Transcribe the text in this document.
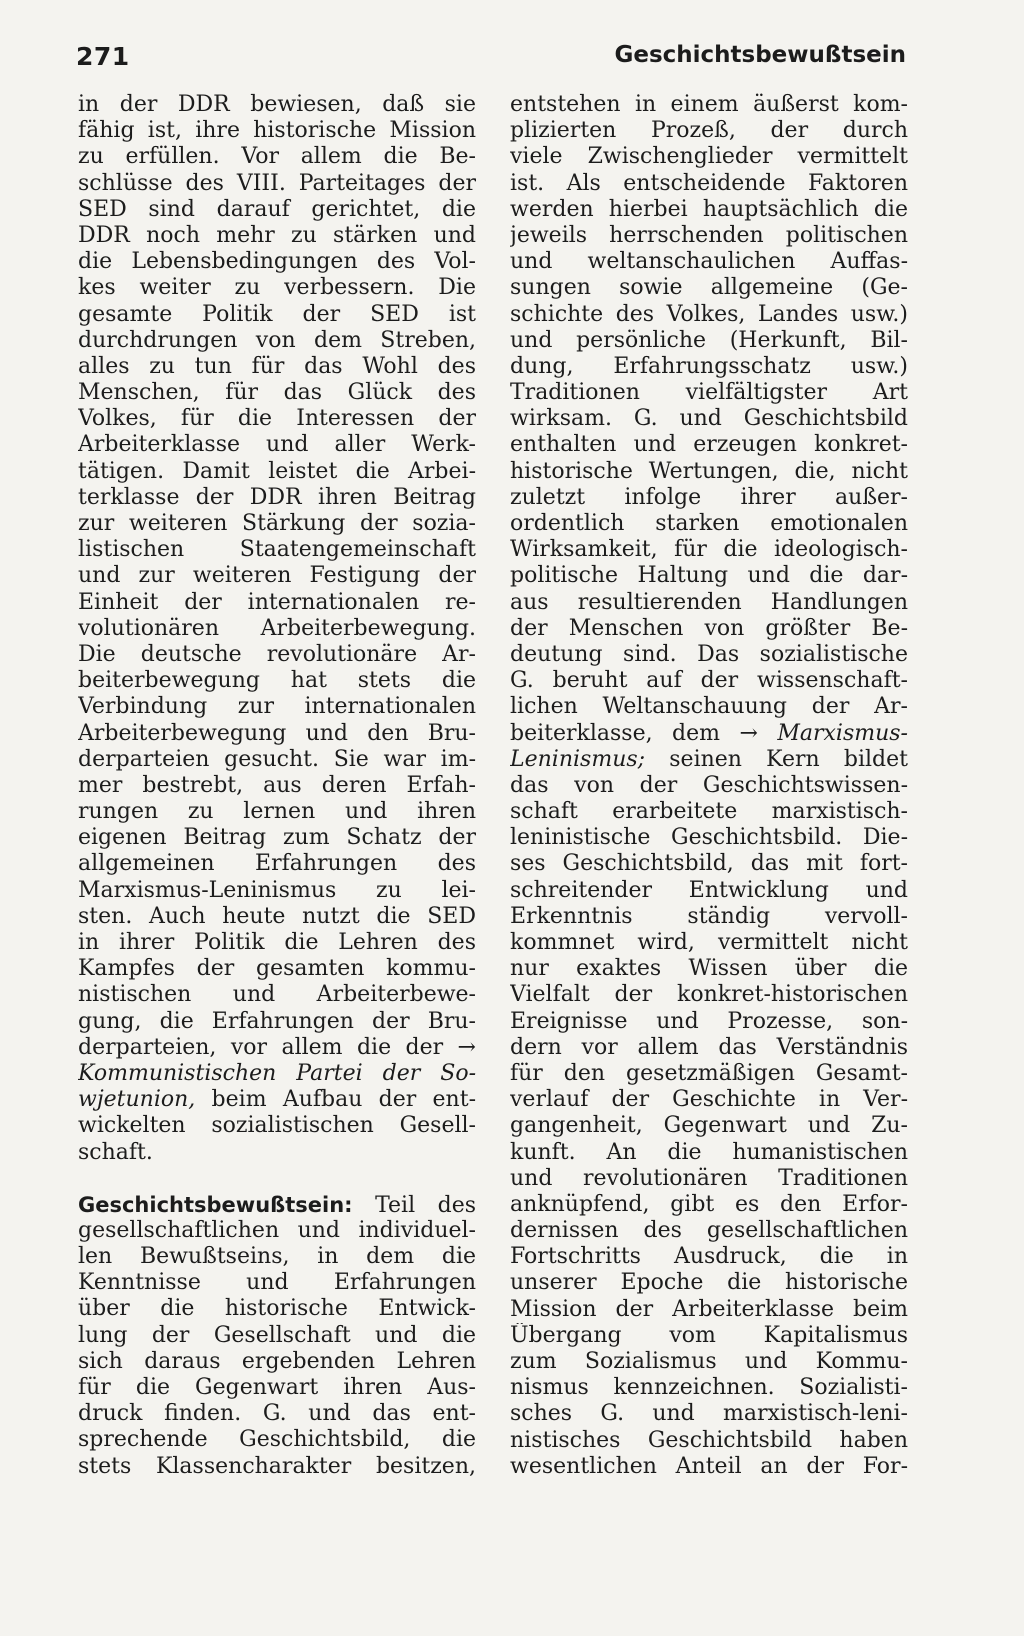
271	Geschichtsbewußtsein
in der DDR bewiesen, daß sie
fähig ist, ihre historische Mission
zu erfüllen. Vor allem die Be-
schlüsse des VIII. Parteitages der
SED sind darauf gerichtet, die
DDR noch mehr zu stärken und
die Lebensbedingungen des Vol-
kes weiter zu verbessern. Die
gesamte Politik der SED ist
durchdrungen von dem Streben,
alles zu tun für das Wohl des
Menschen, für das Glück des
Volkes, für die Interessen der
Arbeiterklasse und aller Werk-
tätigen. Damit leistet die Arbei-
terklasse der DDR ihren Beitrag
zur weiteren Stärkung der sozia-
listischen Staatengemeinschaft
und zur weiteren Festigung der
Einheit der internationalen re-
volutionären Arbeiterbewegung.
Die deutsche revolutionäre Ar-
beiterbewegung hat stets die
Verbindung zur internationalen
Arbeiterbewegung und den Bru-
derparteien gesucht. Sie war im-
mer bestrebt, aus deren Erfah-
rungen zu lernen und ihren
eigenen Beitrag zum Schatz der
allgemeinen Erfahrungen des
Marxismus-Leninismus zu lei-
sten. Auch heute nutzt die SED
in ihrer Politik die Lehren des
Kampfes der gesamten kommu-
nistischen und Arbeiterbewe-
gung, die Erfahrungen der Bru-
derparteien, vor allem die der →
Kommunistischen Partei der So-
wjetunion, beim Aufbau der ent-
wickelten sozialistischen Gesell-
schaft.
Geschichtsbewußtsein: Teil des
gesellschaftlichen und individuel-
len Bewußtseins, in dem die
Kenntnisse und Erfahrungen
über die historische Entwick-
lung der Gesellschaft und die
sich daraus ergebenden Lehren
für die Gegenwart ihren Aus-
druck finden. G. und das ent-
sprechende Geschichtsbild, die
stets Klassencharakter besitzen,
entstehen in einem äußerst kom-
plizierten Prozeß, der durch
viele Zwischenglieder vermittelt
ist. Als entscheidende Faktoren
werden hierbei hauptsächlich die
jeweils herrschenden politischen
und weltanschaulichen Auffas-
sungen sowie allgemeine (Ge-
schichte des Volkes, Landes usw.)
und persönliche (Herkunft, Bil-
dung, Erfahrungsschatz usw.)
Traditionen vielfältigster Art
wirksam. G. und Geschichtsbild
enthalten und erzeugen konkret-
historische Wertungen, die, nicht
zuletzt infolge ihrer außer-
ordentlich starken emotionalen
Wirksamkeit, für die ideologisch-
politische Haltung und die dar-
aus resultierenden Handlungen
der Menschen von größter Be-
deutung sind. Das sozialistische
G. beruht auf der wissenschaft-
lichen Weltanschauung der Ar-
beiterklasse, dem → Marxismus-
Leninismus; seinen Kern bildet
das von der Geschichtswissen-
schaft erarbeitete marxistisch-
leninistische Geschichtsbild. Die-
ses Geschichtsbild, das mit fort-
schreitender Entwicklung und
Erkenntnis ständig vervoll-
kommnet wird, vermittelt nicht
nur exaktes Wissen über die
Vielfalt der konkret-historischen
Ereignisse und Prozesse, son-
dern vor allem das Verständnis
für den gesetzmäßigen Gesamt-
verlauf der Geschichte in Ver-
gangenheit, Gegenwart und Zu-
kunft. An die humanistischen
und revolutionären Traditionen
anknüpfend, gibt es den Erfor-
dernissen des gesellschaftlichen
Fortschritts Ausdruck, die in
unserer Epoche die historische
Mission der Arbeiterklasse beim
Übergang vom Kapitalismus
zum Sozialismus und Kommu-
nismus kennzeichnen. Sozialisti-
sches G. und marxistisch-leni-
nistisches Geschichtsbild haben
wesentlichen Anteil an der For-
